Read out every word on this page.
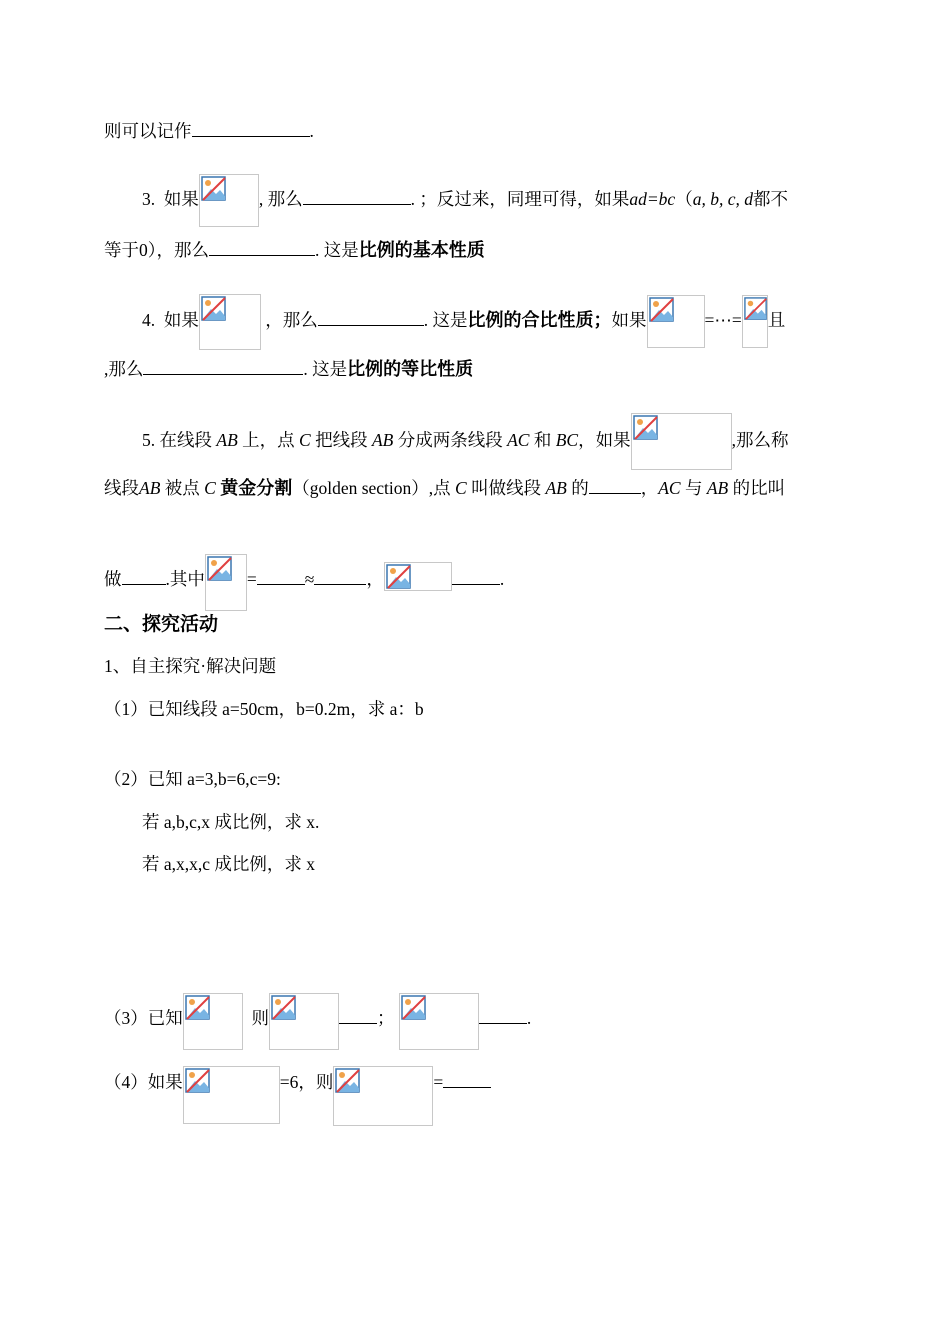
则可以记作	.
3. 如果	, 那么	. ；反过来，同理可得，如果ad=bc（a, b, c, d都不
等于0），那么	. 这是比例的基本性质
4. 如果	，那么	. 这是比例的合比性质；如果	=⋯= 且
,那么	. 这是比例的等比性质
5. 在线段 AB 上，点 C 把线段 AB 分成两条线段 AC 和 BC，如果	,那么称
线段AB 被点 C 黄金分割（golden section）,点 C 叫做线段 AB 的	，AC 与 AB 的比叫
做	.其中 =	≈	，	.
二、探究活动
1、自主探究·解决问题
（1）已知线段 a=50cm，b=0.2m，求 a：b
（2）已知 a=3,b=6,c=9:
若 a,b,c,x 成比例，求 x.
若 a,x,x,c 成比例，求 x
（3）已知	则	；	.
（4）如果	=6，则	=
